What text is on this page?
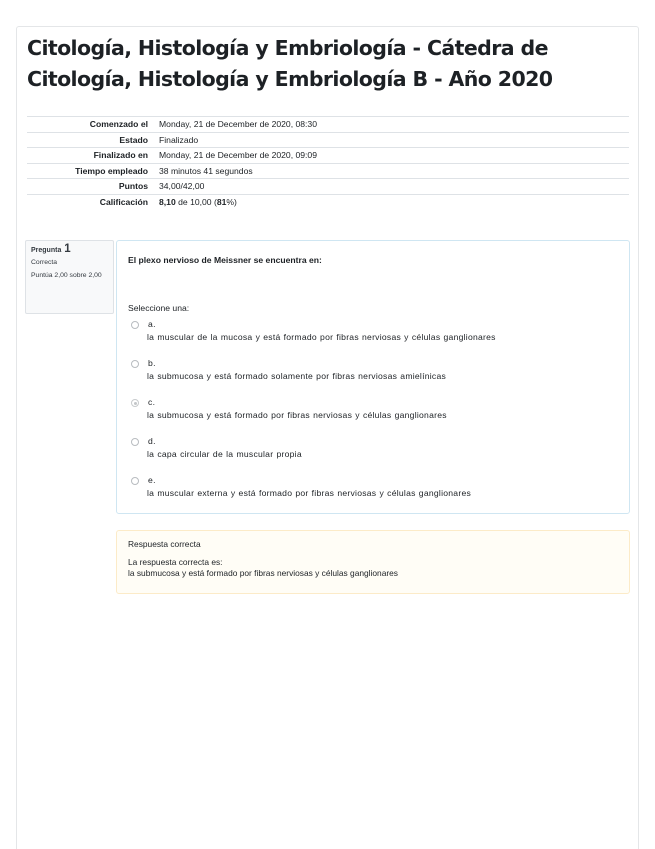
Citología, Histología y Embriología - Cátedra de Citología, Histología y Embriología B - Año 2020
Comenzado el	Monday, 21 de December de 2020, 08:30
Estado	Finalizado
Finalizado en	Monday, 21 de December de 2020, 09:09
Tiempo empleado	38 minutos 41 segundos
Puntos	34,00/42,00
Calificación	8,10 de 10,00 (81%)
Pregunta 1
Correcta
Puntúa 2,00 sobre 2,00
El plexo nervioso de Meissner se encuentra en:
Seleccione una:
a.
la muscular de la mucosa y está formado por fibras nerviosas y células ganglionares
b.
la submucosa y está formado solamente por fibras nerviosas amielínicas
c.
la submucosa y está formado por fibras nerviosas y células ganglionares
d.
la capa circular de la muscular propia
e.
la muscular externa y está formado por fibras nerviosas y células ganglionares
Respuesta correcta
La respuesta correcta es:
la submucosa y está formado por fibras nerviosas y células ganglionares
